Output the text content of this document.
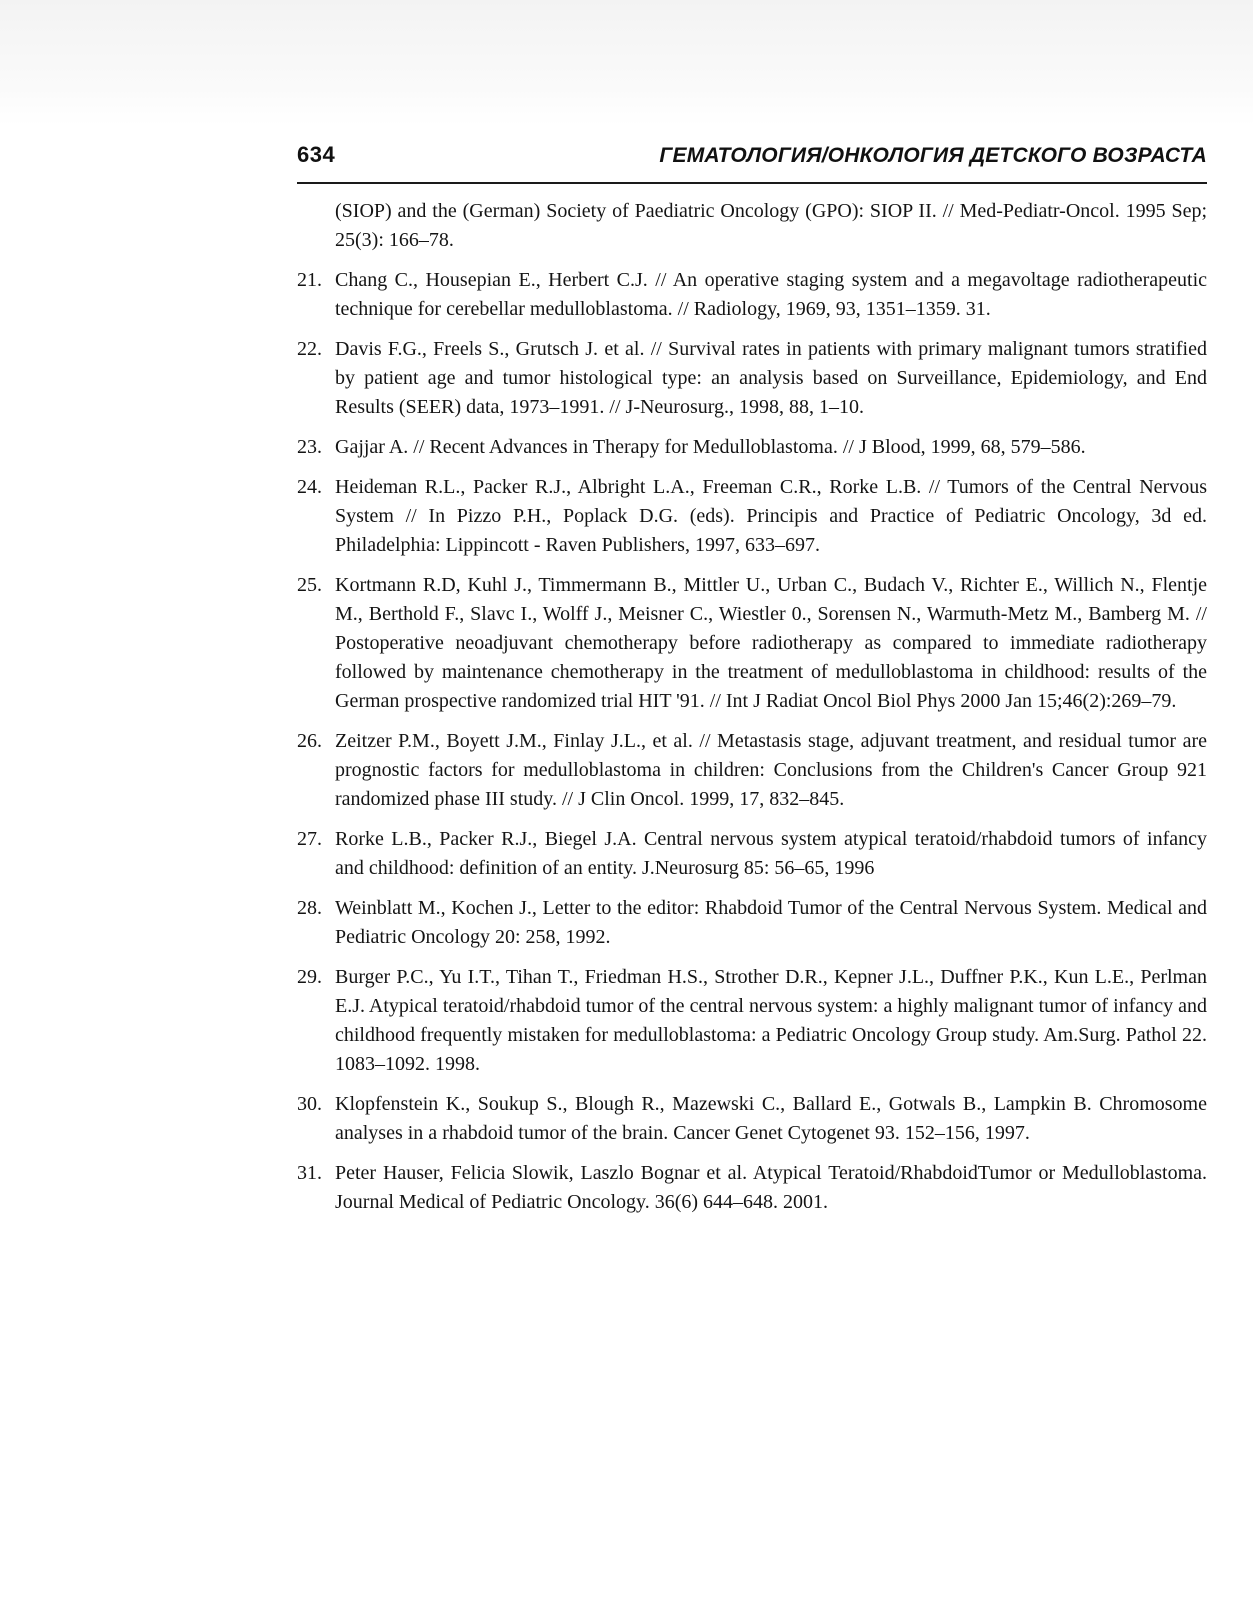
634	ГЕМАТОЛОГИЯ/ОНКОЛОГИЯ ДЕТСКОГО ВОЗРАСТА
(SIOP) and the (German) Society of Paediatric Oncology (GPO): SIOP II. // Med-Pediatr-Oncol. 1995 Sep; 25(3): 166–78.
21. Chang C., Housepian E., Herbert C.J. // An operative staging system and a megavoltage radiotherapeutic technique for cerebellar medulloblastoma. // Radiology, 1969, 93, 1351–1359. 31.
22. Davis F.G., Freels S., Grutsch J. et al. // Survival rates in patients with primary malignant tumors stratified by patient age and tumor histological type: an analysis based on Surveillance, Epidemiology, and End Results (SEER) data, 1973–1991. // J-Neurosurg., 1998, 88, 1–10.
23. Gajjar A. // Recent Advances in Therapy for Medulloblastoma. // J Blood, 1999, 68, 579–586.
24. Heideman R.L., Packer R.J., Albright L.A., Freeman C.R., Rorke L.B. // Tumors of the Central Nervous System // In Pizzo P.H., Poplack D.G. (eds). Principis and Practice of Pediatric Oncology, 3d ed. Philadelphia: Lippincott - Raven Publishers, 1997, 633–697.
25. Kortmann R.D, Kuhl J., Timmermann B., Mittler U., Urban C., Budach V., Richter E., Willich N., Flentje M., Berthold F., Slavc I., Wolff J., Meisner C., Wiestler 0., Sorensen N., Warmuth-Metz M., Bamberg M. // Postoperative neoadjuvant chemotherapy before radiotherapy as compared to immediate radiotherapy followed by maintenance chemotherapy in the treatment of medulloblastoma in childhood: results of the German prospective randomized trial HIT '91. // Int J Radiat Oncol Biol Phys 2000 Jan 15;46(2):269–79.
26. Zeitzer P.M., Boyett J.M., Finlay J.L., et al. // Metastasis stage, adjuvant treatment, and residual tumor are prognostic factors for medulloblastoma in children: Conclusions from the Children's Cancer Group 921 randomized phase III study. // J Clin Oncol. 1999, 17, 832–845.
27. Rorke L.B., Packer R.J., Biegel J.A. Central nervous system atypical teratoid/rhabdoid tumors of infancy and childhood: definition of an entity. J.Neurosurg 85: 56–65, 1996
28. Weinblatt M., Kochen J., Letter to the editor: Rhabdoid Tumor of the Central Nervous System. Medical and Pediatric Oncology 20: 258, 1992.
29. Burger P.C., Yu I.T., Tihan T., Friedman H.S., Strother D.R., Kepner J.L., Duffner P.K., Kun L.E., Perlman E.J. Atypical teratoid/rhabdoid tumor of the central nervous system: a highly malignant tumor of infancy and childhood frequently mistaken for medulloblastoma: a Pediatric Oncology Group study. Am.Surg. Pathol 22. 1083–1092. 1998.
30. Klopfenstein K., Soukup S., Blough R., Mazewski C., Ballard E., Gotwals B., Lampkin B. Chromosome analyses in a rhabdoid tumor of the brain. Cancer Genet Cytogenet 93. 152–156, 1997.
31. Peter Hauser, Felicia Slowik, Laszlo Bognar et al. Atypical Teratoid/RhabdoidTumor or Medulloblastoma. Journal Medical of Pediatric Oncology. 36(6) 644–648. 2001.
